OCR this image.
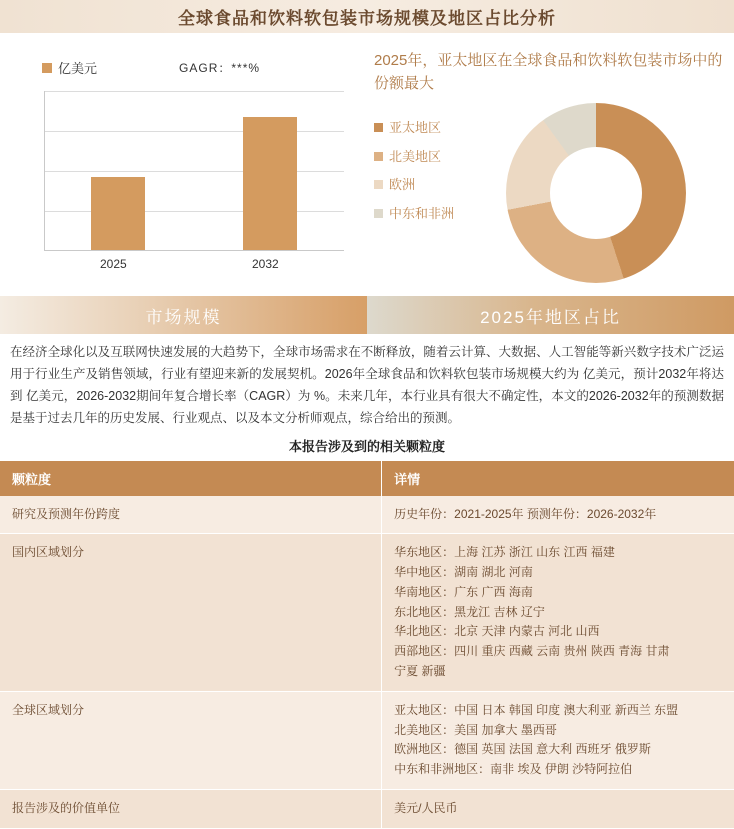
全球食品和饮料软包装市场规模及地区占比分析
亿美元	GAGR：***%
2025	2032
2025年，亚太地区在全球食品和饮料软包装市场中的份额最大
亚太地区
北美地区
欧洲
中东和非洲
市场规模	2025年地区占比
在经济全球化以及互联网快速发展的大趋势下，全球市场需求在不断释放，随着云计算、大数据、人工智能等新兴数字技术广泛运用于行业生产及销售领域，行业有望迎来新的发展契机。2026年全球食品和饮料软包装市场规模大约为 亿美元，预计2032年将达到 亿美元，2026-2032期间年复合增长率（CAGR）为 %。未来几年，本行业具有很大不确定性，本文的2026-2032年的预测数据是基于过去几年的历史发展、行业观点、以及本文分析师观点，综合给出的预测。
本报告涉及到的相关颗粒度
颗粒度	详情
研究及预测年份跨度	历史年份：2021-2025年 预测年份：2026-2032年

国内区域划分	华东地区：上海 江苏 浙江 山东 江西 福建
华中地区：湖南 湖北 河南
华南地区：广东 广西 海南
东北地区：黑龙江 吉林 辽宁
华北地区：北京 天津 内蒙古 河北 山西
西部地区：四川 重庆 西藏 云南 贵州 陕西 青海 甘肃
宁夏 新疆

全球区域划分	亚太地区：中国 日本 韩国 印度 澳大利亚 新西兰 东盟
北美地区：美国 加拿大 墨西哥
欧洲地区：德国 英国 法国 意大利 西班牙 俄罗斯
中东和非洲地区：南非 埃及 伊朗 沙特阿拉伯

报告涉及的价值单位	美元/人民币
